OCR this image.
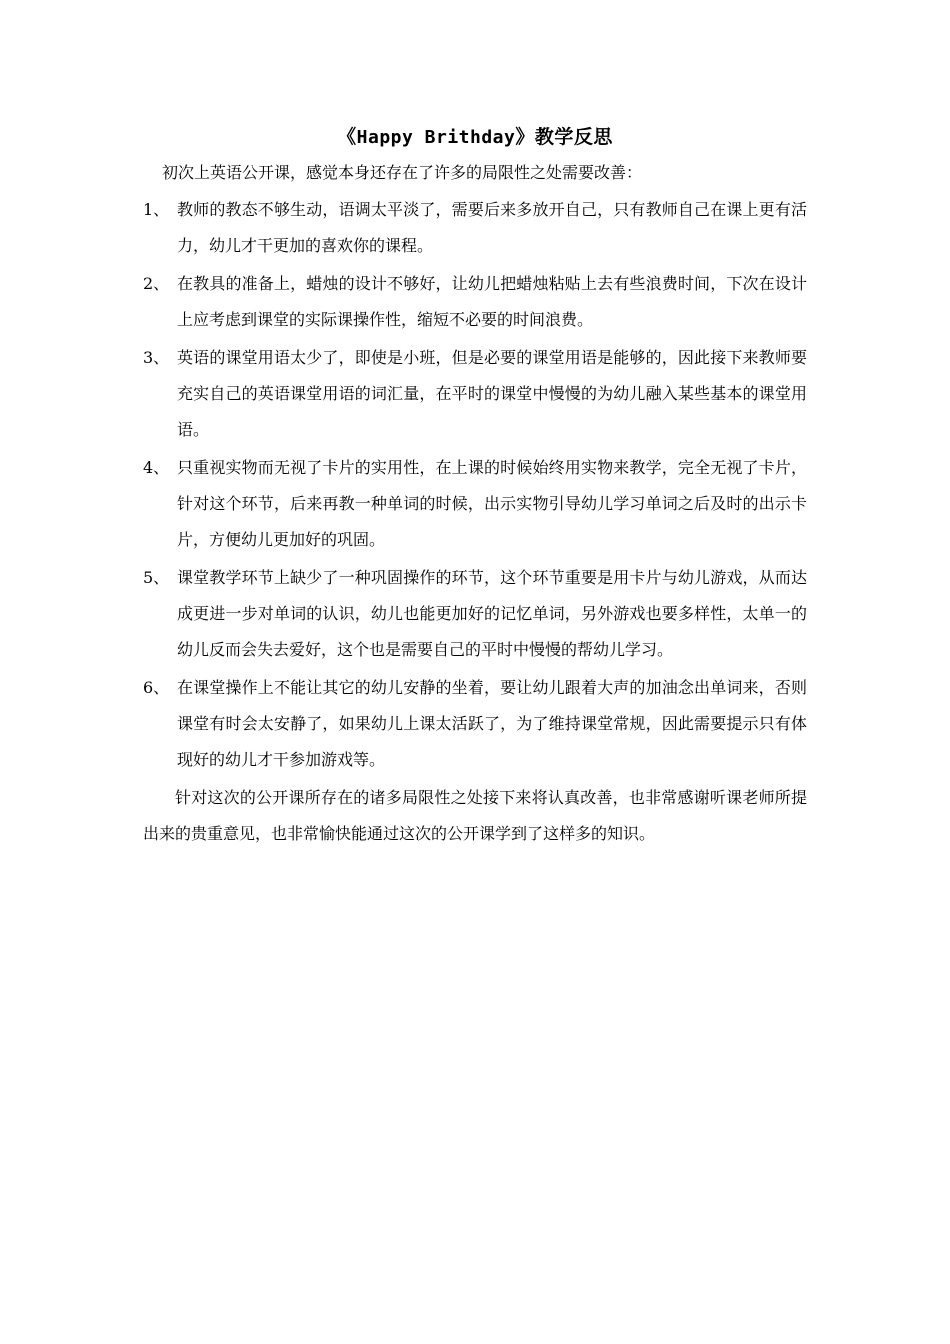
《Happy Brithday》教学反思

初次上英语公开课，感觉本身还存在了许多的局限性之处需要改善：

1、 教师的教态不够生动，语调太平淡了，需要后来多放开自己，只有教师自己在课上更有活力，幼儿才干更加的喜欢你的课程。
2、 在教具的准备上，蜡烛的设计不够好，让幼儿把蜡烛粘贴上去有些浪费时间，下次在设计上应考虑到课堂的实际课操作性，缩短不必要的时间浪费。
3、 英语的课堂用语太少了，即使是小班，但是必要的课堂用语是能够的，因此接下来教师要充实自己的英语课堂用语的词汇量，在平时的课堂中慢慢的为幼儿融入某些基本的课堂用语。
4、 只重视实物而无视了卡片的实用性，在上课的时候始终用实物来教学，完全无视了卡片，针对这个环节，后来再教一种单词的时候，出示实物引导幼儿学习单词之后及时的出示卡片，方便幼儿更加好的巩固。
5、 课堂教学环节上缺少了一种巩固操作的环节，这个环节重要是用卡片与幼儿游戏，从而达成更进一步对单词的认识，幼儿也能更加好的记忆单词，另外游戏也要多样性，太单一的幼儿反而会失去爱好，这个也是需要自己的平时中慢慢的帮幼儿学习。
6、 在课堂操作上不能让其它的幼儿安静的坐着，要让幼儿跟着大声的加油念出单词来，否则课堂有时会太安静了，如果幼儿上课太活跃了，为了维持课堂常规，因此需要提示只有体现好的幼儿才干参加游戏等。

针对这次的公开课所存在的诸多局限性之处接下来将认真改善，也非常感谢听课老师所提出来的贵重意见，也非常愉快能通过这次的公开课学到了这样多的知识。
